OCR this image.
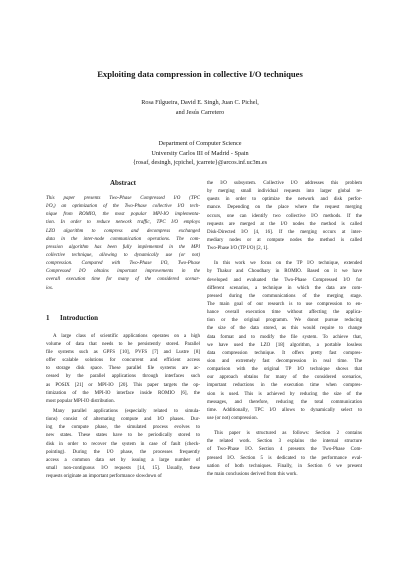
Exploiting data compression in collective I/O techniques
Rosa Filgueira, David E. Singh, Juan C. Pichel,
and Jesús Carretero
Department of Computer Science
University Carlos III of Madrid - Spain
{rosaf, desingh, jcpichel, jcarrete}@arcos.inf.uc3m.es
Abstract
This paper presents Two-Phase Compressed I/O (TPC
I/O,) an optimization of the Two-Phase collective I/O tech-
nique from ROMIO, the most popular MPI-IO implementa-
tion. In order to reduce network traffic, TPC I/O employs
LZO algorithm to compress and decompress exchanged
data in the inter-node communication operations. The com-
pression algorithm has been fully implemented in the MPI
collective technique, allowing to dynamically use (or not)
compression. Compared with Two-Phase I/O, Two-Phase
Compressed I/O obtains important improvements in the
overall execution time for many of the considered scenar-
ios.
1 Introduction
A large class of scientific applications operates on a high
volume of data that needs to be persistently stored. Parallel
file systems such as GPFS [10], PVFS [7] and Lustre [8]
offer scalable solutions for concurrent and efficient access
to storage disk space. These parallel file systems are ac-
cessed by the parallel applications through interfaces such
as POSIX [21] or MPI-IO [20]. This paper targets the op-
timization of the MPI-IO interface inside ROMIO [6], the
most popular MPI-IO distribution.
Many parallel applications (especially related to simula-
tions) consist of alternating compute and I/O phases. Dur-
ing the compute phase, the simulated process evolves to
new states. These states have to be periodically stored to
disk in order to recover the system in case of fault (check-
pointing). During the I/O phase, the processes frequently
access a common data set by issuing a large number of
small non-contiguous I/O requests [14, 15]. Usually, these
requests originate an important performance slowdown of
the I/O subsystem. Collective I/O addresses this problem
by merging small individual requests into larger global re-
quests in order to optimize the network and disk perfor-
mance. Depending on the place where the request merging
occurs, one can identify two collective I/O methods. If the
requests are merged at the I/O nodes the method is called
Disk-Directed I/O [4, 16]. If the merging occurs at inter-
mediary nodes or at compute nodes the method is called
Two-Phase I/O (TP I/O) [2, 1].
In this work we focus on the TP I/O technique, extended
by Thakur and Choudhary in ROMIO. Based on it we have
developed and evaluated the Two-Phase Compressed I/O for
different scenarios, a technique in which the data are com-
pressed during the communications of the merging stage.
The main goal of our research is to use compression to en-
hance overall execution time without affecting the applica-
tion or the original programm. We donot pursue reducing
the size of the data stored, as this would require to change
data format and to modify the file system. To achieve that,
we have used the LZO [18] algorithm, a portable lossless
data compression technique. It offers pretty fast compres-
sion and extremely fast decompression in real time. The
comparison with the original TP I/O technique shows that
our approach obtains for many of the considered scenarios,
important reductions in the execution time when compres-
sion is used. This is achieved by reducing the size of the
messages, and therefore, reducing the total communication
time. Additionally, TPC I/O allows to dynamically select to
use (or not) compression.
This paper is structured as follows: Section 2 contains
the related work. Section 3 explains the internal structure
of Two-Phase I/O. Section 4 presents the Two-Phase Com-
pressed I/O. Section 5 is dedicated to the performance eval-
uation of both techniques. Finally, in Section 6 we present
the main conclusions derived from this work.
